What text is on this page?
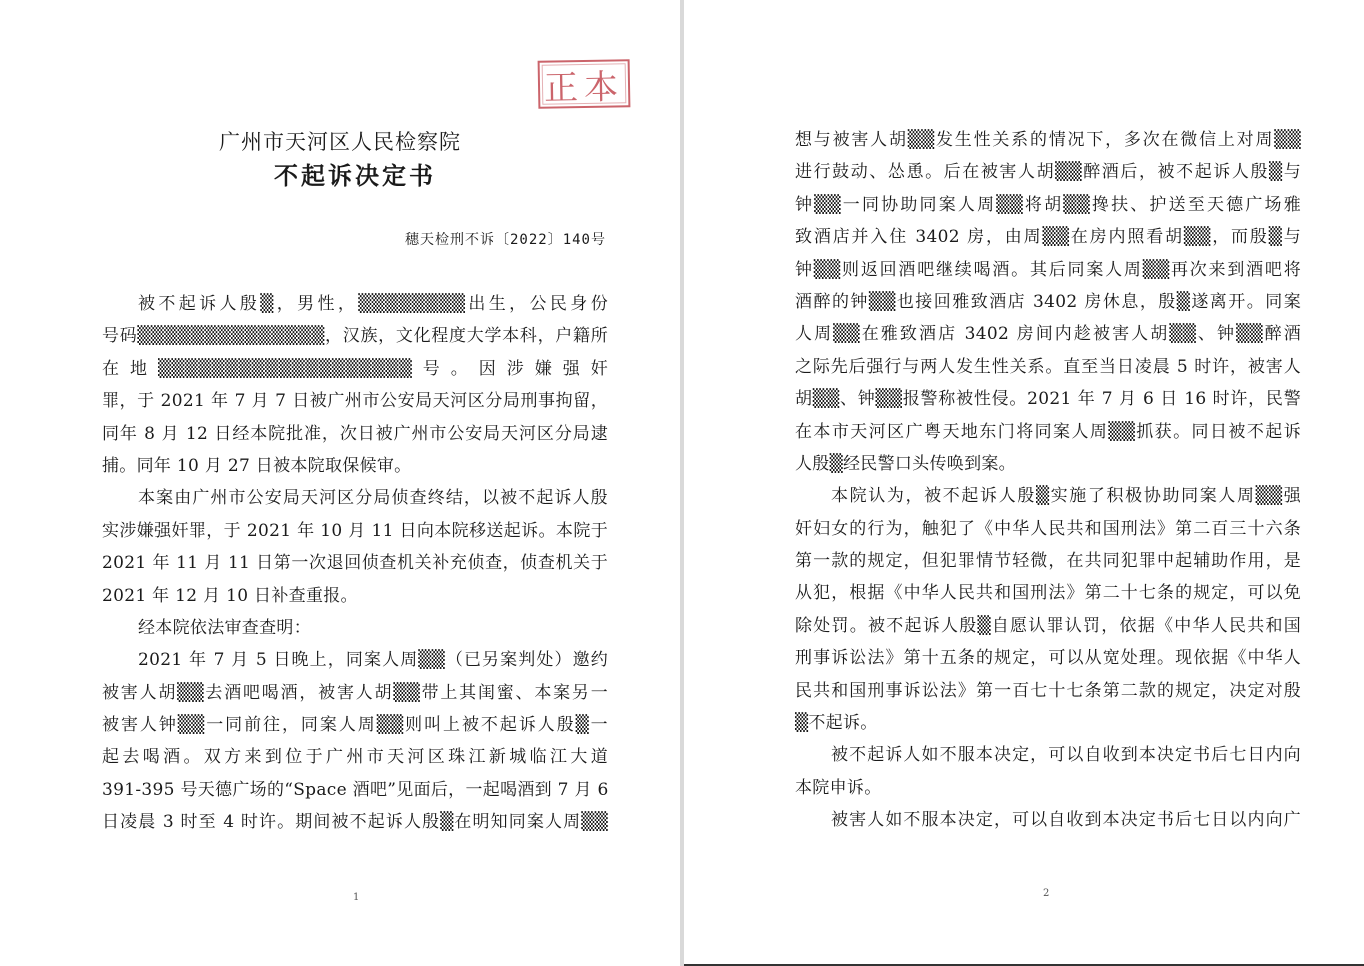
正本
广州市天河区人民检察院
不起诉决定书
穗天检刑不诉〔2022〕140号
被不起诉人殷▒，男性，▒▒▒▒▒▒▒▒出生，公民身份
号码▒▒▒▒▒▒▒▒▒▒▒▒▒▒，汉族，文化程度大学本科，户籍所
在地▒▒▒▒▒▒▒▒▒▒▒▒▒▒▒▒▒▒▒号。因涉嫌强奸
罪，于 2021 年 7 月 7 日被广州市公安局天河区分局刑事拘留，
同年 8 月 12 日经本院批准，次日被广州市公安局天河区分局逮
捕。同年 10 月 27 日被本院取保候审。
本案由广州市公安局天河区分局侦查终结，以被不起诉人殷
实涉嫌强奸罪，于 2021 年 10 月 11 日向本院移送起诉。本院于
2021 年 11 月 11 日第一次退回侦查机关补充侦查，侦查机关于
2021 年 12 月 10 日补查重报。
经本院依法审查查明：
2021 年 7 月 5 日晚上，同案人周▒▒（已另案判处）邀约
被害人胡▒▒去酒吧喝酒，被害人胡▒▒带上其闺蜜、本案另一
被害人钟▒▒一同前往，同案人周▒▒则叫上被不起诉人殷▒一
起去喝酒。双方来到位于广州市天河区珠江新城临江大道
391-395 号天德广场的“Space 酒吧”见面后，一起喝酒到 7 月 6
日凌晨 3 时至 4 时许。期间被不起诉人殷▒在明知同案人周▒▒
1
想与被害人胡▒▒发生性关系的情况下，多次在微信上对周▒▒
进行鼓动、怂恿。后在被害人胡▒▒醉酒后，被不起诉人殷▒与
钟▒▒一同协助同案人周▒▒将胡▒▒搀扶、护送至天德广场雅
致酒店并入住 3402 房，由周▒▒在房内照看胡▒▒，而殷▒与
钟▒▒则返回酒吧继续喝酒。其后同案人周▒▒再次来到酒吧将
酒醉的钟▒▒也接回雅致酒店 3402 房休息，殷▒遂离开。同案
人周▒▒在雅致酒店 3402 房间内趁被害人胡▒▒、钟▒▒醉酒
之际先后强行与两人发生性关系。直至当日凌晨 5 时许，被害人
胡▒▒、钟▒▒报警称被性侵。2021 年 7 月 6 日 16 时许，民警
在本市天河区广粤天地东门将同案人周▒▒抓获。同日被不起诉
人殷▒经民警口头传唤到案。
本院认为，被不起诉人殷▒实施了积极协助同案人周▒▒强
奸妇女的行为，触犯了《中华人民共和国刑法》第二百三十六条
第一款的规定，但犯罪情节轻微，在共同犯罪中起辅助作用，是
从犯，根据《中华人民共和国刑法》第二十七条的规定，可以免
除处罚。被不起诉人殷▒自愿认罪认罚，依据《中华人民共和国
刑事诉讼法》第十五条的规定，可以从宽处理。现依据《中华人
民共和国刑事诉讼法》第一百七十七条第二款的规定，决定对殷
▒不起诉。
被不起诉人如不服本决定，可以自收到本决定书后七日内向
本院申诉。
被害人如不服本决定，可以自收到本决定书后七日以内向广
2
